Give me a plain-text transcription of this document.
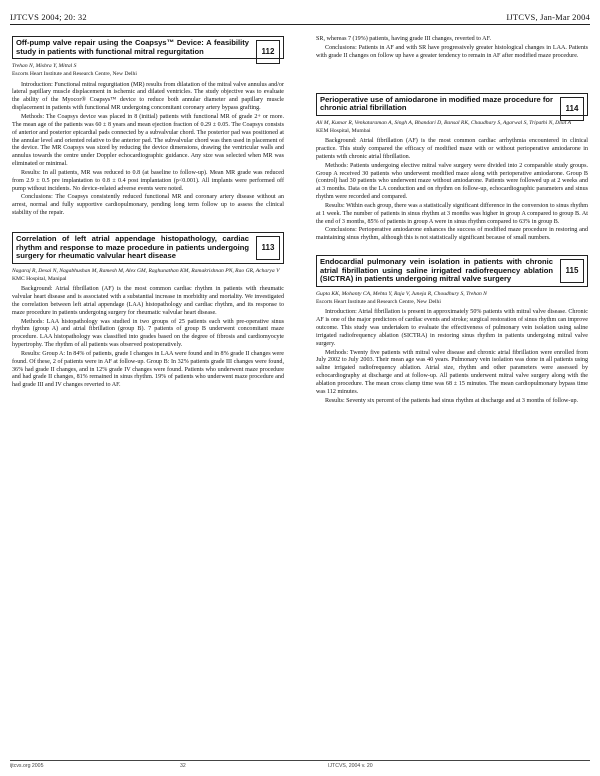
IJTCVS 2004; 20: 32	IJTCVS, Jan-Mar 2004
Off-pump valve repair using the Coapsys™ Device: A feasibility study in patients with functional mitral regurgitation	112
Trehan N, Mishra Y, Mittal S
Escorts Heart Institute and Research Centre, New Delhi

Introduction: Functional mitral regurgitation (MR) results from dilatation of the mitral valve annulus and/or lateral papillary muscle displacement in ischemic and dilated ventricles. The study objective was to evaluate the ability of the Myocor® Coapsys™ device to reduce both annular diameter and papillary muscle displacement in patients with functional MR undergoing concomitant coronary artery bypass grafting.

Methods: The Coapsys device was placed in 8 (initial) patients with functional MR of grade 2+ or more. The mean age of the patients was 60 ± 8 years and mean ejection fraction of 0.29 ± 0.05. The Coapsys consists of anterior and posterior epicardial pads connected by a subvalvular chord. The posterior pad was positioned at the annular level and oriented relative to the anterior pad. The subvalvular chord was then used in placement of the device. The MR Coapsys was sized by reducing the device dimensions, drawing the ventricular walls and annulus towards the centre under Doppler echocardiographic guidance. Any size was selected when MR was eliminated or minimal.

Results: In all patients, MR was reduced to 0.8 (at baseline to follow-up). Mean MR grade was reduced from 2.9 ± 0.5 pre implantation to 0.8 ± 0.4 post implantation (p<0.001). All implants were performed off pump without incidents. No device-related adverse events were noted.

Conclusions: The Coapsys consistently reduced functional MR and coronary artery disease without an arrest, normal and fully supportive cardiopulmonary, pending long term follow up to assess the clinical stability of the repair.

Correlation of left atrial appendage histopathology, cardiac rhythm and response to maze procedure in patients undergoing surgery for rheumatic valvular heart disease
113
Nagaraj R, Desai N, Nagabhushan M, Ramesh M, Alex GM, Raghunathan KM, Ramakrishnan PN, Rao GR, Acharya V
KMC Hospital, Manipal

Background: Atrial fibrillation (AF) is the most common cardiac rhythm in patients with rheumatic valvular heart disease and is associated with a substantial increase in morbidity and mortality. We investigated the correlation between left atrial appendage (LAA) histopathology and cardiac rhythm, and its response to maze procedure in patients undergoing surgery for rheumatic valvular heart disease.

Methods: LAA histopathology was studied in two groups of 25 patients each with pre-operative sinus rhythm (group A) and atrial fibrillation (group B). 7 patients of group B underwent concomitant maze procedure. LAA histopathology was classified into grades based on the degree of fibrosis and cardiomyocyte hypertrophy. The rhythm of all patients was observed postoperatively.

Results: Group A: In 84% of patients, grade I changes in LAA were found and in 8% grade II changes were found. Of these, 2 of patients were in AF at follow-up. Group B: In 32% patients grade III changes were found, 36% had grade II changes, and in 12% grade IV changes were found. Patients who underwent maze procedure and had grade II changes, 81% remained in sinus rhythm. 19% of patients who underwent maze procedure and had grade III and IV changes reverted to AF.

SR, whereas 7 (19%) patients, having grade III changes, reverted to AF.

Conclusions: Patients in AF and with SR have progressively greater histological changes in LAA. Patients with grade II changes on follow up have a greater tendency to remain in AF after modified maze procedure.

Perioperative use of amiodarone in modified maze procedure for chronic atrial fibrillation	114
Ali M, Kumar R, Venkataraman A, Singh A, Bhandari D, Bansal RK, Chaudhary S, Agarwal S, Tripathi N, Dixit A
KEM Hospital, Mumbai

Background: Atrial fibrillation (AF) is the most common cardiac arrhythmia encountered in clinical practice. This study compared the efficacy of modified maze with or without perioperative amiodarone in patients with chronic atrial fibrillation.

Methods: Patients undergoing elective mitral valve surgery were divided into 2 comparable study groups. Group A received 30 patients who underwent modified maze along with perioperative amiodarone. Group B (control) had 30 patients who underwent maze without amiodarone. Patients were followed up at 2 weeks and at 3 months. Data on the LA conduction and on rhythm on follow-up, echocardiographic parameters and sinus rhythm were recorded and compared.

Results: Within each group, there was a statistically significant difference in the conversion to sinus rhythm at 1 week. The number of patients in sinus rhythm at 3 months was higher in group A compared to group B. At the end of 3 months, 85% of patients in group A were in sinus rhythm compared to 63% in group B.

Conclusions: Perioperative amiodarone enhances the success of modified maze procedure in restoring and maintaining sinus rhythm, although this is not statistically significant because of small numbers.

Endocardial pulmonary vein isolation in patients with chronic atrial fibrillation using saline irrigated radiofrequency ablation (SICTRA) in patients undergoing mitral valve surgery
115
Gupta KK, Mohanty CA, Mehta Y, Raja V, Juneja R, Choudhury S, Trehan N
Escorts Heart Institute and Research Centre, New Delhi

Introduction: Atrial fibrillation is present in approximately 50% patients with mitral valve disease. Chronic AF is one of the major predictors of cardiac events and stroke; surgical restoration of sinus rhythm can improve outcome. This study was undertaken to evaluate the effectiveness of pulmonary vein isolation using saline irrigated radiofrequency ablation (SICTRA) in restoring sinus rhythm in patients undergoing mitral valve surgery.

Methods: Twenty five patients with mitral valve disease and chronic atrial fibrillation were enrolled from July 2002 to July 2003. Their mean age was 40 years. Pulmonary vein isolation was done in all patients using saline irrigated radiofrequency ablation. Atrial size, rhythm and other parameters were assessed by echocardiography at discharge and at follow-up. All patients underwent mitral valve surgery along with the ablation procedure. The mean cross clamp time was 68 ± 15 minutes. The mean cardiopulmonary bypass time was 112 minutes.

Results: Seventy six percent of the patients had sinus rhythm at discharge and at 3 months of follow-up.

ijtcvs.org 2005	32	IJTCVS, 2004 v. 20
